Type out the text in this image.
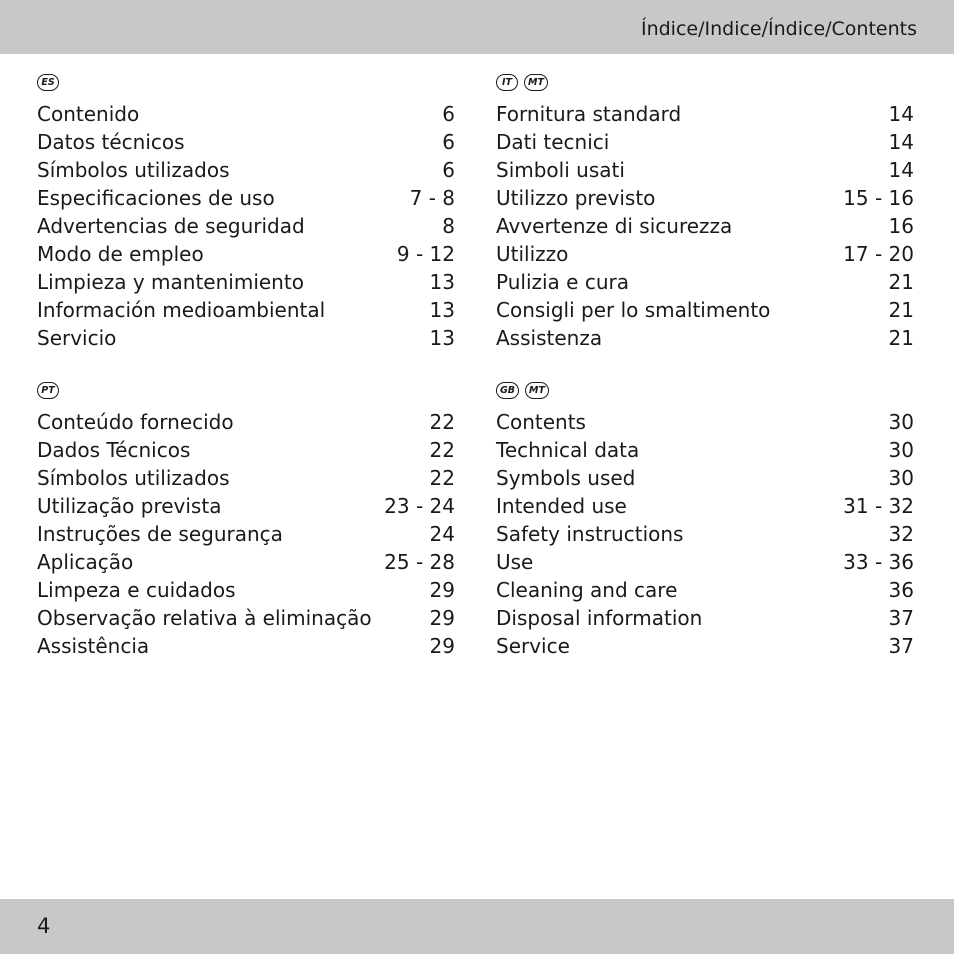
Índice/Indice/Índice/Contents
ES
Contenido	6
Datos técnicos	6
Símbolos utilizados	6
Especificaciones de uso	7 - 8
Advertencias de seguridad	8
Modo de empleo	9 - 12
Limpieza y mantenimiento	13
Información medioambiental	13
Servicio	13
IT	MT
Fornitura standard	14
Dati tecnici	14
Simboli usati	14
Utilizzo previsto	15 - 16
Avvertenze di sicurezza	16
Utilizzo	17 - 20
Pulizia e cura	21
Consigli per lo smaltimento	21
Assistenza	21
PT
Conteúdo fornecido	22
Dados Técnicos	22
Símbolos utilizados	22
Utilização prevista	23 - 24
Instruções de segurança	24
Aplicação	25 - 28
Limpeza e cuidados	29
Observação relativa à eliminação	29
Assistência	29
GB	MT
Contents	30
Technical data	30
Symbols used	30
Intended use	31 - 32
Safety instructions	32
Use	33 - 36
Cleaning and care	36
Disposal information	37
Service	37
4
